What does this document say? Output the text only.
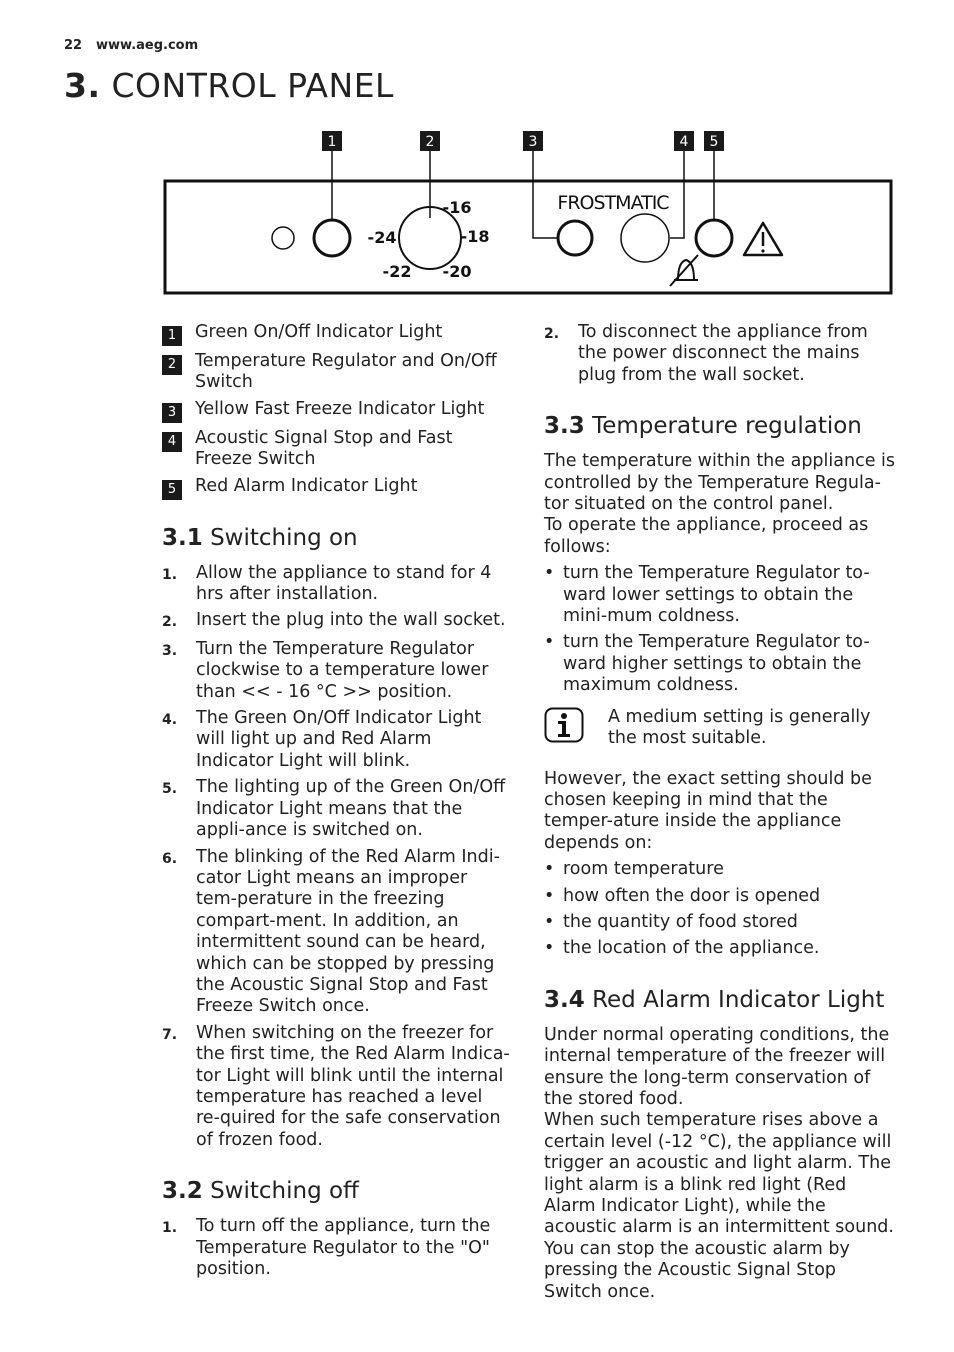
22 www.aeg.com
3. CONTROL PANEL
1	2	3	4 5
-16
-18
-20
-22
-24
FROSTMATIC
1	Green On/Off Indicator Light
2	Temperature Regulator and On/Off Switch
3	Yellow Fast Freeze Indicator Light
4	Acoustic Signal Stop and Fast Freeze Switch
5	Red Alarm Indicator Light
3.1 Switching on
1.	Allow the appliance to stand for 4 hrs after installation.
2.	Insert the plug into the wall socket.
3.	Turn the Temperature Regulator clockwise to a temperature lower than << - 16 °C >> position.
4.	The Green On/Off Indicator Light will light up and Red Alarm Indicator Light will blink.
5.	The lighting up of the Green On/Off Indicator Light means that the appli-ance is switched on.
6.	The blinking of the Red Alarm Indi-cator Light means an improper tem-perature in the freezing compart-ment. In addition, an intermittent sound can be heard, which can be stopped by pressing the Acoustic Signal Stop and Fast Freeze Switch once.
7.	When switching on the freezer for the first time, the Red Alarm Indica-tor Light will blink until the internal temperature has reached a level re-quired for the safe conservation of frozen food.
3.2 Switching off
1.	To turn off the appliance, turn the Temperature Regulator to the "O" position.
2.	To disconnect the appliance from the power disconnect the mains plug from the wall socket.
3.3 Temperature regulation
The temperature within the appliance is controlled by the Temperature Regula-tor situated on the control panel.
To operate the appliance, proceed as follows:
• turn the Temperature Regulator to-ward lower settings to obtain the mini-mum coldness.
• turn the Temperature Regulator to-ward higher settings to obtain the maximum coldness.
A medium setting is generally the most suitable.
However, the exact setting should be chosen keeping in mind that the temper-ature inside the appliance depends on:
• room temperature
• how often the door is opened
• the quantity of food stored
• the location of the appliance.
3.4 Red Alarm Indicator Light
Under normal operating conditions, the internal temperature of the freezer will ensure the long-term conservation of the stored food.
When such temperature rises above a certain level (-12 °C), the appliance will trigger an acoustic and light alarm. The light alarm is a blink red light (Red Alarm Indicator Light), while the acoustic alarm is an intermittent sound.
You can stop the acoustic alarm by pressing the Acoustic Signal Stop Switch once.
